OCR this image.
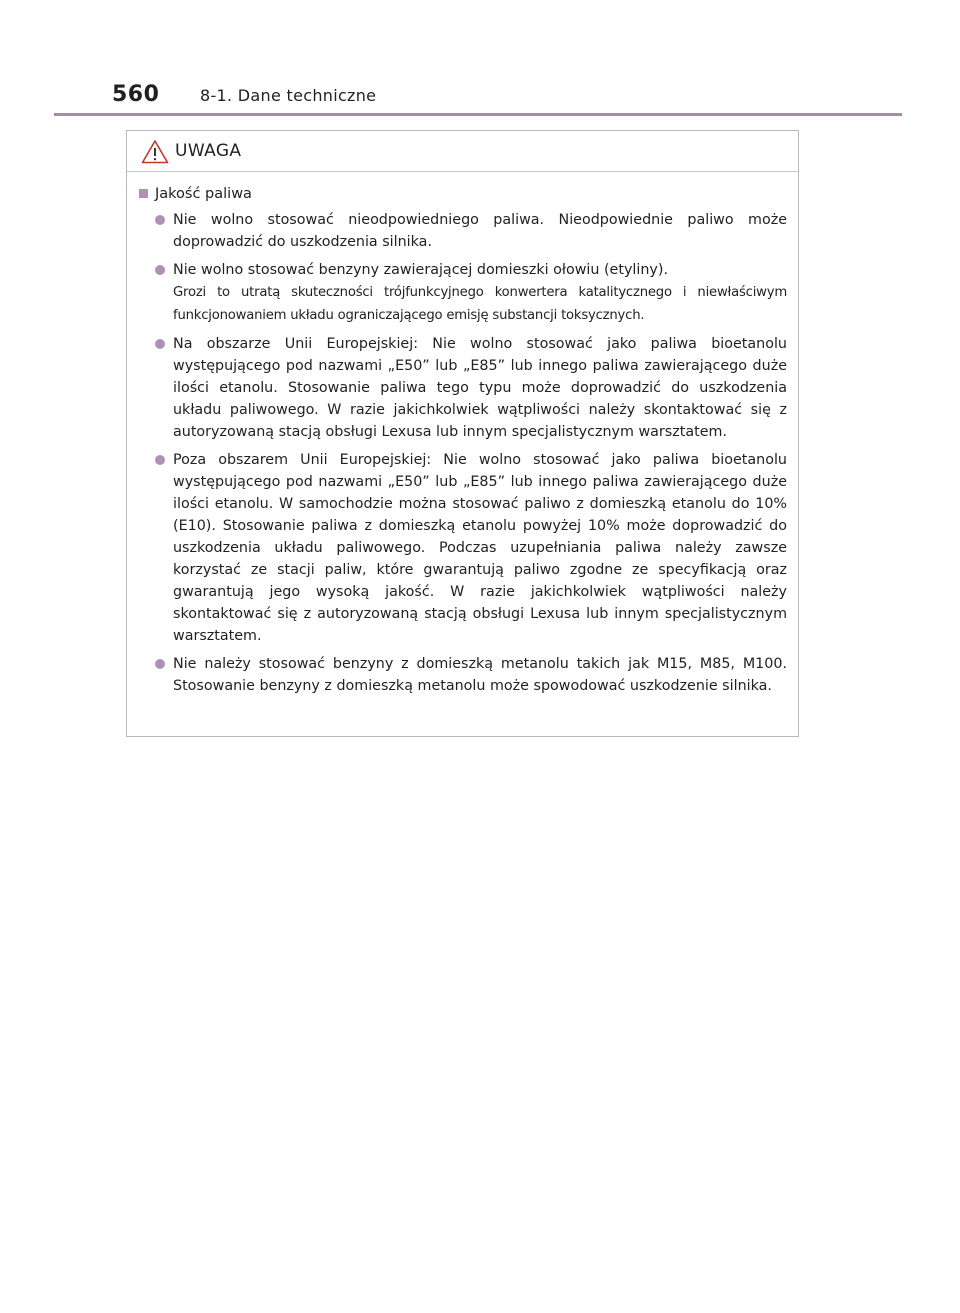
560	8-1. Dane techniczne
UWAGA
Jakość paliwa
Nie wolno stosować nieodpowiedniego paliwa. Nieodpowiednie paliwo może doprowadzić do uszkodzenia silnika.
Nie wolno stosować benzyny zawierającej domieszki ołowiu (etyliny).
Grozi to utratą skuteczności trójfunkcyjnego konwertera katalitycznego i niewłaściwym funkcjonowaniem układu ograniczającego emisję substancji toksycznych.
Na obszarze Unii Europejskiej: Nie wolno stosować jako paliwa bioetanolu występującego pod nazwami „E50” lub „E85” lub innego paliwa zawierającego duże ilości etanolu. Stosowanie paliwa tego typu może doprowadzić do uszkodzenia układu paliwowego. W razie jakichkolwiek wątpliwości należy skontaktować się z autoryzowaną stacją obsługi Lexusa lub innym specjalistycznym warsztatem.
Poza obszarem Unii Europejskiej: Nie wolno stosować jako paliwa bioetanolu występującego pod nazwami „E50” lub „E85” lub innego paliwa zawierającego duże ilości etanolu. W samochodzie można stosować paliwo z domieszką etanolu do 10% (E10). Stosowanie paliwa z domieszką etanolu powyżej 10% może doprowadzić do uszkodzenia układu paliwowego. Podczas uzupełniania paliwa należy zawsze korzystać ze stacji paliw, które gwarantują paliwo zgodne ze specyfikacją oraz gwarantują jego wysoką jakość. W razie jakichkolwiek wątpliwości należy skontaktować się z autoryzowaną stacją obsługi Lexusa lub innym specjalistycznym warsztatem.
Nie należy stosować benzyny z domieszką metanolu takich jak M15, M85, M100. Stosowanie benzyny z domieszką metanolu może spowodować uszkodzenie silnika.
